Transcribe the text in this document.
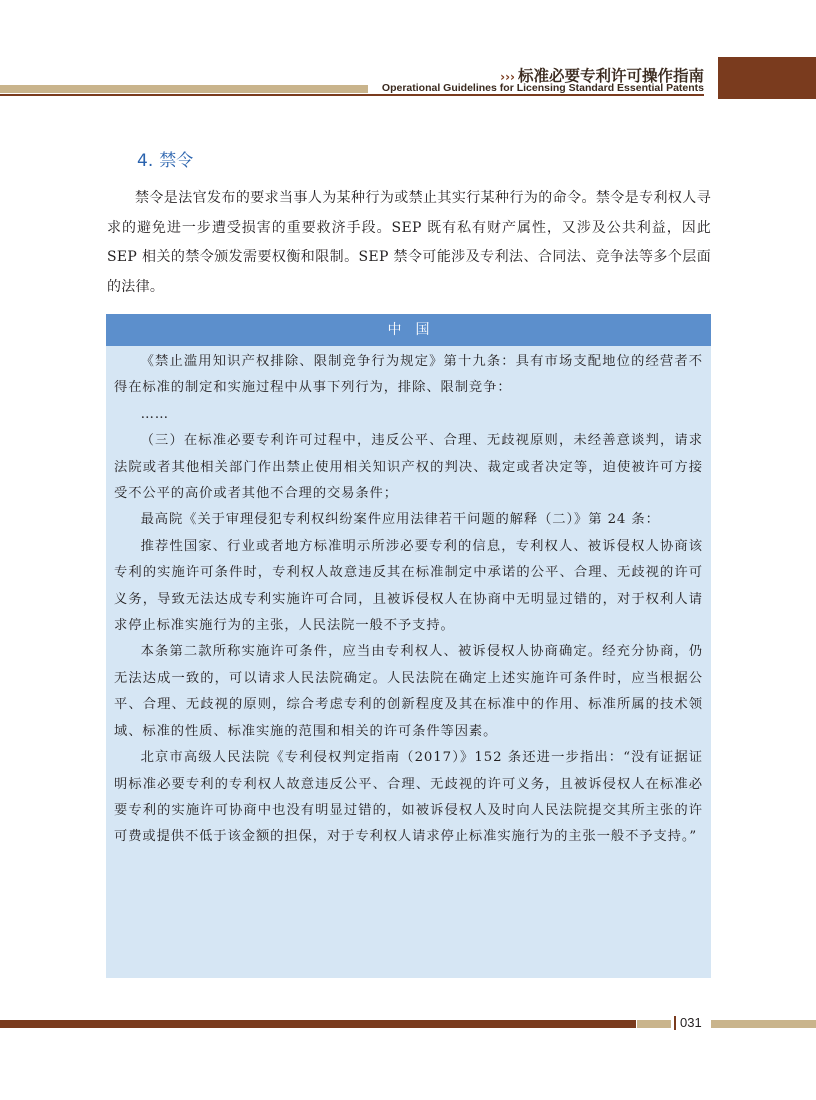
››› 标准必要专利许可操作指南
Operational Guidelines for Licensing Standard Essential Patents
4. 禁令

禁令是法官发布的要求当事人为某种行为或禁止其实行某种行为的命令。禁令是专利权人寻求的避免进一步遭受损害的重要救济手段。SEP 既有私有财产属性，又涉及公共利益，因此 SEP 相关的禁令颁发需要权衡和限制。SEP 禁令可能涉及专利法、合同法、竞争法等多个层面的法律。

中国

《禁止滥用知识产权排除、限制竞争行为规定》第十九条：具有市场支配地位的经营者不得在标准的制定和实施过程中从事下列行为，排除、限制竞争：

……

（三）在标准必要专利许可过程中，违反公平、合理、无歧视原则，未经善意谈判，请求法院或者其他相关部门作出禁止使用相关知识产权的判决、裁定或者决定等，迫使被许可方接受不公平的高价或者其他不合理的交易条件；

最高院《关于审理侵犯专利权纠纷案件应用法律若干问题的解释（二）》第 24 条：

推荐性国家、行业或者地方标准明示所涉必要专利的信息，专利权人、被诉侵权人协商该专利的实施许可条件时，专利权人故意违反其在标准制定中承诺的公平、合理、无歧视的许可义务，导致无法达成专利实施许可合同，且被诉侵权人在协商中无明显过错的，对于权利人请求停止标准实施行为的主张，人民法院一般不予支持。

本条第二款所称实施许可条件，应当由专利权人、被诉侵权人协商确定。经充分协商，仍无法达成一致的，可以请求人民法院确定。人民法院在确定上述实施许可条件时，应当根据公平、合理、无歧视的原则，综合考虑专利的创新程度及其在标准中的作用、标准所属的技术领域、标准的性质、标准实施的范围和相关的许可条件等因素。

北京市高级人民法院《专利侵权判定指南（2017）》152 条还进一步指出：“没有证据证明标准必要专利的专利权人故意违反公平、合理、无歧视的许可义务，且被诉侵权人在标准必要专利的实施许可协商中也没有明显过错的，如被诉侵权人及时向人民法院提交其所主张的许可费或提供不低于该金额的担保，对于专利权人请求停止标准实施行为的主张一般不予支持。”

031
